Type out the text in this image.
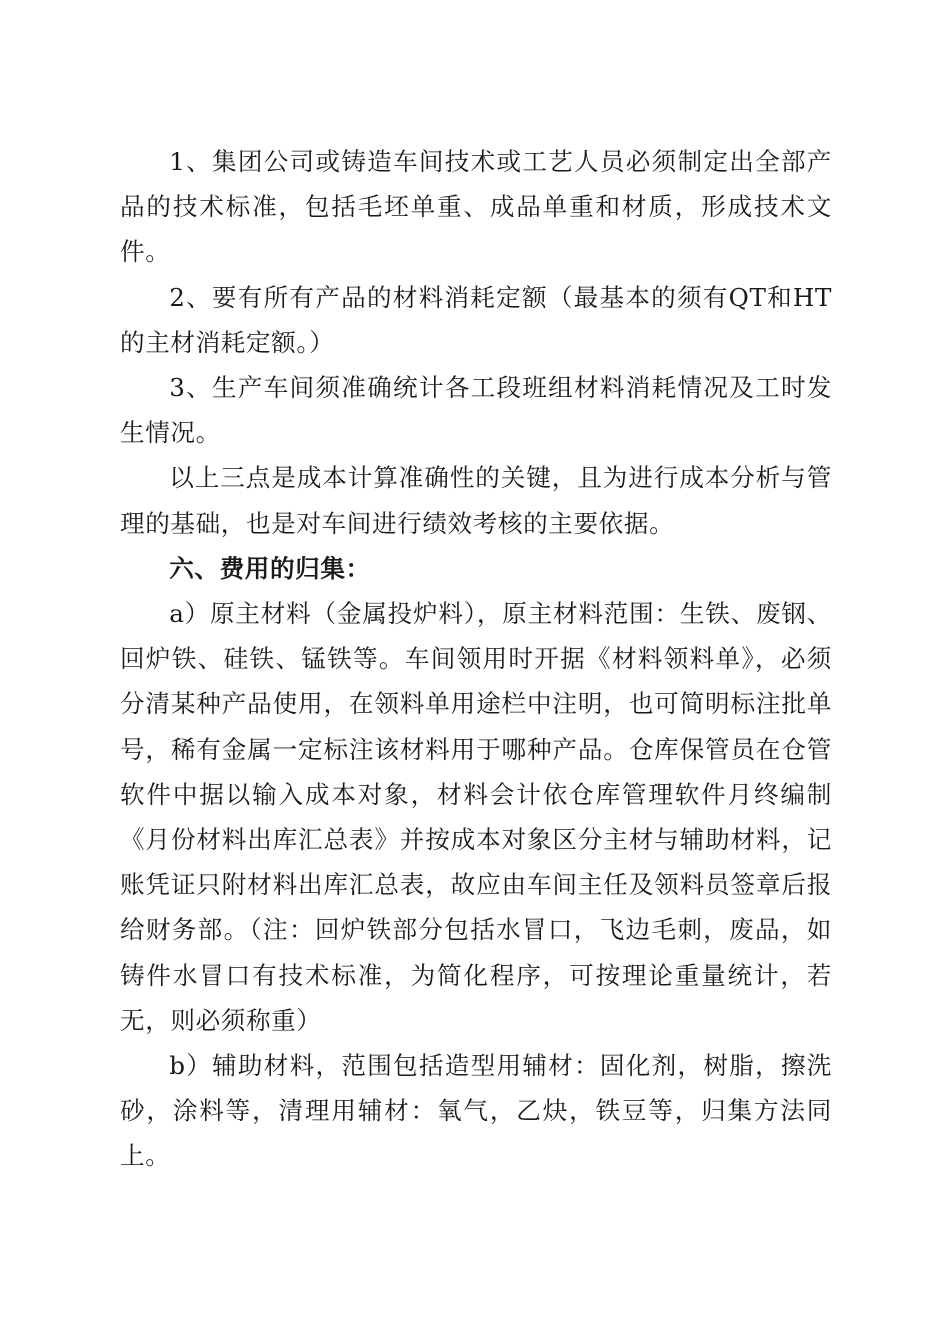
1、集团公司或铸造车间技术或工艺人员必须制定出全部产品的技术标准，包括毛坯单重、成品单重和材质，形成技术文件。

2、要有所有产品的材料消耗定额（最基本的须有QT和HT的主材消耗定额。）

3、生产车间须准确统计各工段班组材料消耗情况及工时发生情况。

以上三点是成本计算准确性的关键，且为进行成本分析与管理的基础，也是对车间进行绩效考核的主要依据。

六、费用的归集：

a）原主材料（金属投炉料），原主材料范围：生铁、废钢、回炉铁、硅铁、锰铁等。车间领用时开据《材料领料单》，必须分清某种产品使用，在领料单用途栏中注明，也可简明标注批单号，稀有金属一定标注该材料用于哪种产品。仓库保管员在仓管软件中据以输入成本对象，材料会计依仓库管理软件月终编制《月份材料出库汇总表》并按成本对象区分主材与辅助材料，记账凭证只附材料出库汇总表，故应由车间主任及领料员签章后报给财务部。（注：回炉铁部分包括水冒口，飞边毛刺，废品，如铸件水冒口有技术标准，为简化程序，可按理论重量统计，若无，则必须称重）

b）辅助材料，范围包括造型用辅材：固化剂，树脂，擦洗砂，涂料等，清理用辅材：氧气，乙炔，铁豆等，归集方法同上。
